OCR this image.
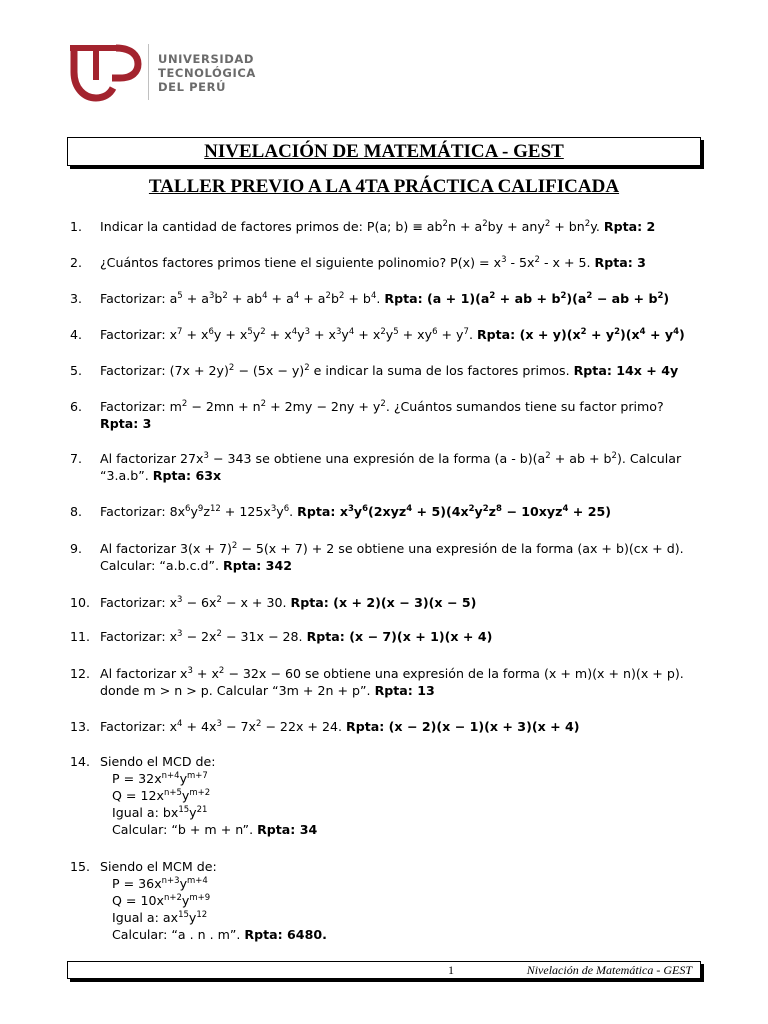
UNIVERSIDAD
TECNOLÓGICA
DEL PERÚ
NIVELACIÓN DE MATEMÁTICA - GEST
TALLER PREVIO A LA 4TA PRÁCTICA CALIFICADA
1.	Indicar la cantidad de factores primos de: P(a; $b) \equiv ab^2n + a^2by + any^2 + bn^2y$. Rpta: 2
2.	¿Cuántos factores primos tiene el siguiente polinomio? $P(x) = x^3 - 5x^2 - x + 5$. Rpta: 3
3.	Factorizar: $a^5 + a^3b^2 + ab^4 + a^4 + a^2b^2 + b^4$. Rpta: $(a + 1)(a^2$ + ab + $b^2)(a^2$ − ab + $b^2$)
4.	Factorizar: $x^7 + x^6y + x^5y^2 + x^4y^3 + x^3y^4 + x^2y^5 + xy^6 + y^7$. Rpta: $(x + y)(x^2 + y^2)(x^4 + y^4)$
5.	Factorizar: $(7x + 2y)^2 - (5x - y)^2$ e indicar la suma de los factores primos. Rpta: 14x + 4y
6.	Factorizar: $m^2 - 2mn + n^2 + 2my - 2ny + y^2$. ¿Cuántos sumandos tiene su factor primo?
Rpta: 3
7.	Al factorizar $27x^3 - 343$ se obtiene una expresión de la forma $(a - b)(a^2$ + ab + $b^2$). Calcular
“3.a.b”. Rpta: 63x
8.	Factorizar: $8x^6y^9z^{12} + 125x^3y^6$. Rpta: $x^3y^6(2xyz^4 + 5)(4x^2y^2z^8 - 10xyz^4 + 25)$
9.	Al factorizar $3(x + 7)^2 - 5(x + 7) + 2$ se obtiene una expresión de la forma (ax + b)(cx + d).
Calcular: “a.b.c.d”. Rpta: 342
10. Factorizar: $x^3 - 6x^2 - x + 30$. Rpta: (x + 2)(x − 3)(x − 5)
11. Factorizar: $x^3 - 2x^2 - 31x - 28$. Rpta: (x − 7)(x + 1)(x + 4)
12. Al factorizar $x^3 + x^2 - 32x - 60$ se obtiene una expresión de la forma (x + m)(x + n)(x + p).
donde m > n > p. Calcular “3m + 2n + p”. Rpta: 13
13. Factorizar: $x^4 + 4x^3 - 7x^2 - 22x + 24$. Rpta: (x − 2)(x − 1)(x + 3)(x + 4)
14. Siendo el MCD de:
$P = 32x^{n+4}y^{m+7}$
$Q = 12x^{n+5}y^{m+2}$
Igual a: $bx^{15}y^{21}$
Calcular: “b + m + n”. Rpta: 34
15. Siendo el MCM de:
$P = 36x^{n+3}y^{m+4}$
$Q = 10x^{n+2}y^{m+9}$
Igual a: $ax^{15}y^{12}$
Calcular: “a . n . m”. Rpta: 6480.
1	Nivelación de Matemática - GEST
